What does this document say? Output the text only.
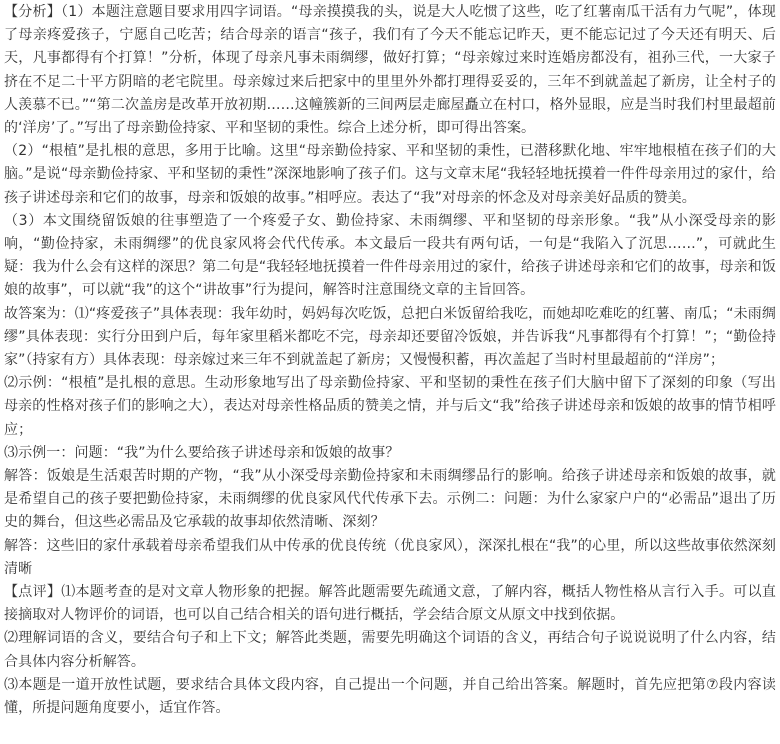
【分析】（1）本题注意题目要求用四字词语。“母亲摸摸我的头，说是大人吃惯了这些，吃了红薯南瓜干活有力气呢”，体现了母亲疼爱孩子，宁愿自己吃苦；结合母亲的语言“孩子，我们有了今天不能忘记昨天，更不能忘记过了今天还有明天、后天，凡事都得有个打算！”分析，体现了母亲凡事未雨绸缪，做好打算；“母亲嫁过来时连婚房都没有，祖孙三代，一大家子挤在不足二十平方阴暗的老宅院里。母亲嫁过来后把家中的里里外外都打理得妥妥的，三年不到就盖起了新房，让全村子的人羡慕不已。”“第二次盖房是改革开放初期……这幢簇新的三间两层走廊屋矗立在村口，格外显眼，应是当时我们村里最超前的‘洋房’了。”写出了母亲勤俭持家、平和坚韧的秉性。综合上述分析，即可得出答案。

（2）“根植”是扎根的意思，多用于比喻。这里“母亲勤俭持家、平和坚韧的秉性，已潜移默化地、牢牢地根植在孩子们的大脑。”是说“母亲勤俭持家、平和坚韧的秉性”深深地影响了孩子们。这与文章末尾“我轻轻地抚摸着一件件母亲用过的家什，给孩子讲述母亲和它们的故事，母亲和饭娘的故事。”相呼应。表达了“我”对母亲的怀念及对母亲美好品质的赞美。

（3）本文围绕留饭娘的往事塑造了一个疼爱子女、勤俭持家、未雨绸缪、平和坚韧的母亲形象。“我”从小深受母亲的影响，“勤俭持家，未雨绸缪”的优良家风将会代代传承。本文最后一段共有两句话，一句是“我陷入了沉思……”，可就此生疑：我为什么会有这样的深思？第二句是“我轻轻地抚摸着一件件母亲用过的家什，给孩子讲述母亲和它们的故事，母亲和饭娘的故事”，可以就“我”的这个“讲故事”行为提问，解答时注意围绕文章的主旨回答。

故答案为：⑴“疼爱孩子”具体表现：我年幼时，妈妈每次吃饭，总把白米饭留给我吃，而她却吃难吃的红薯、南瓜；“未雨绸缪”具体表现：实行分田到户后，每年家里稻米都吃不完，母亲却还要留冷饭娘，并告诉我“凡事都得有个打算！”；“勤俭持家”（持家有方）具体表现：母亲嫁过来三年不到就盖起了新房；又慢慢积蓄，再次盖起了当时村里最超前的“洋房”；

⑵示例：“根植”是扎根的意思。生动形象地写出了母亲勤俭持家、平和坚韧的秉性在孩子们大脑中留下了深刻的印象（写出母亲的性格对孩子们的影响之大），表达对母亲性格品质的赞美之情，并与后文“我”给孩子讲述母亲和饭娘的故事的情节相呼应；

⑶示例一：问题：“我”为什么要给孩子讲述母亲和饭娘的故事？

解答：饭娘是生活艰苦时期的产物，“我”从小深受母亲勤俭持家和未雨绸缪品行的影响。给孩子讲述母亲和饭娘的故事，就是希望自己的孩子要把勤俭持家，未雨绸缪的优良家风代代传承下去。示例二：问题：为什么家家户户的“必需品”退出了历史的舞台，但这些必需品及它承载的故事却依然清晰、深刻？

解答：这些旧的家什承载着母亲希望我们从中传承的优良传统（优良家风），深深扎根在“我”的心里，所以这些故事依然深刻清晰

【点评】⑴本题考查的是对文章人物形象的把握。解答此题需要先疏通文意，了解内容，概括人物性格从言行入手。可以直接摘取对人物评价的词语，也可以自己结合相关的语句进行概括，学会结合原文从原文中找到依据。

⑵理解词语的含义，要结合句子和上下文；解答此类题，需要先明确这个词语的含义，再结合句子说说说明了什么内容，结合具体内容分析解答。

⑶本题是一道开放性试题，要求结合具体文段内容，自己提出一个问题，并自己给出答案。解题时，首先应把第⑦段内容读懂，所提问题角度要小，适宜作答。
